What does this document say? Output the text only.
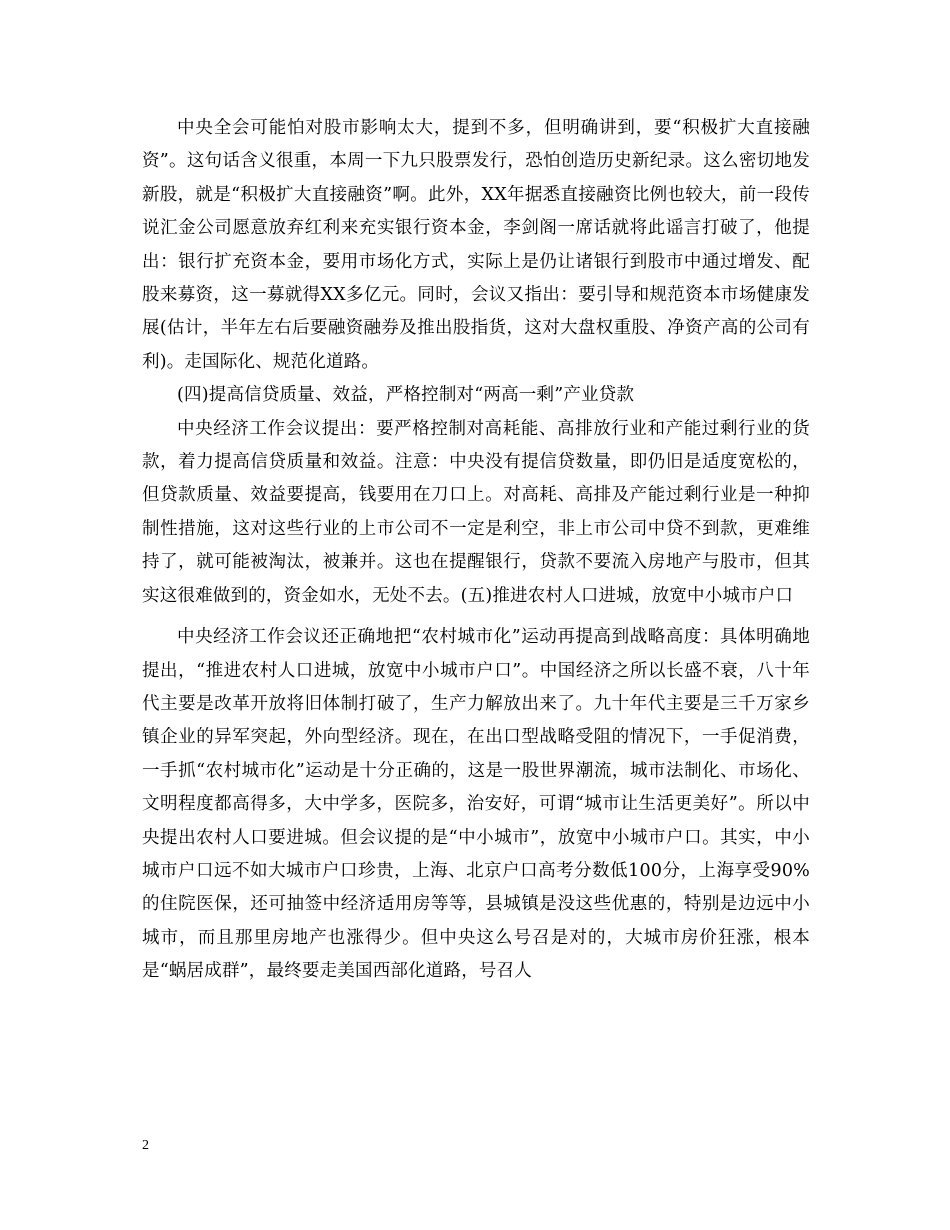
中央全会可能怕对股市影响太大，提到不多，但明确讲到，要“积极扩大直接融资”。这句话含义很重，本周一下九只股票发行，恐怕创造历史新纪录。这么密切地发新股，就是“积极扩大直接融资”啊。此外，XX年据悉直接融资比例也较大，前一段传说汇金公司愿意放弃红利来充实银行资本金，李剑阁一席话就将此谣言打破了，他提出：银行扩充资本金，要用市场化方式，实际上是仍让诸银行到股市中通过增发、配股来募资，这一募就得XX多亿元。同时，会议又指出：要引导和规范资本市场健康发展(估计，半年左右后要融资融券及推出股指货，这对大盘权重股、净资产高的公司有利)。走国际化、规范化道路。

(四)提高信贷质量、效益，严格控制对“两高一剩”产业贷款

中央经济工作会议提出：要严格控制对高耗能、高排放行业和产能过剩行业的货款，着力提高信贷质量和效益。注意：中央没有提信贷数量，即仍旧是适度宽松的，但贷款质量、效益要提高，钱要用在刀口上。对高耗、高排及产能过剩行业是一种抑制性措施，这对这些行业的上市公司不一定是利空，非上市公司中贷不到款，更难维持了，就可能被淘汰，被兼并。这也在提醒银行，贷款不要流入房地产与股市，但其实这很难做到的，资金如水，无处不去。(五)推进农村人口进城，放宽中小城市户口

中央经济工作会议还正确地把“农村城市化”运动再提高到战略高度：具体明确地提出，“推进农村人口进城，放宽中小城市户口”。中国经济之所以长盛不衰，八十年代主要是改革开放将旧体制打破了，生产力解放出来了。九十年代主要是三千万家乡镇企业的异军突起，外向型经济。现在，在出口型战略受阻的情况下，一手促消费，一手抓“农村城市化”运动是十分正确的，这是一股世界潮流，城市法制化、市场化、文明程度都高得多，大中学多，医院多，治安好，可谓“城市让生活更美好”。所以中央提出农村人口要进城。但会议提的是“中小城市”，放宽中小城市户口。其实，中小城市户口远不如大城市户口珍贵，上海、北京户口高考分数低100分，上海享受90%的住院医保，还可抽签中经济适用房等等，县城镇是没这些优惠的，特别是边远中小城市，而且那里房地产也涨得少。但中央这么号召是对的，大城市房价狂涨，根本是“蜗居成群”，最终要走美国西部化道路，号召人

2
